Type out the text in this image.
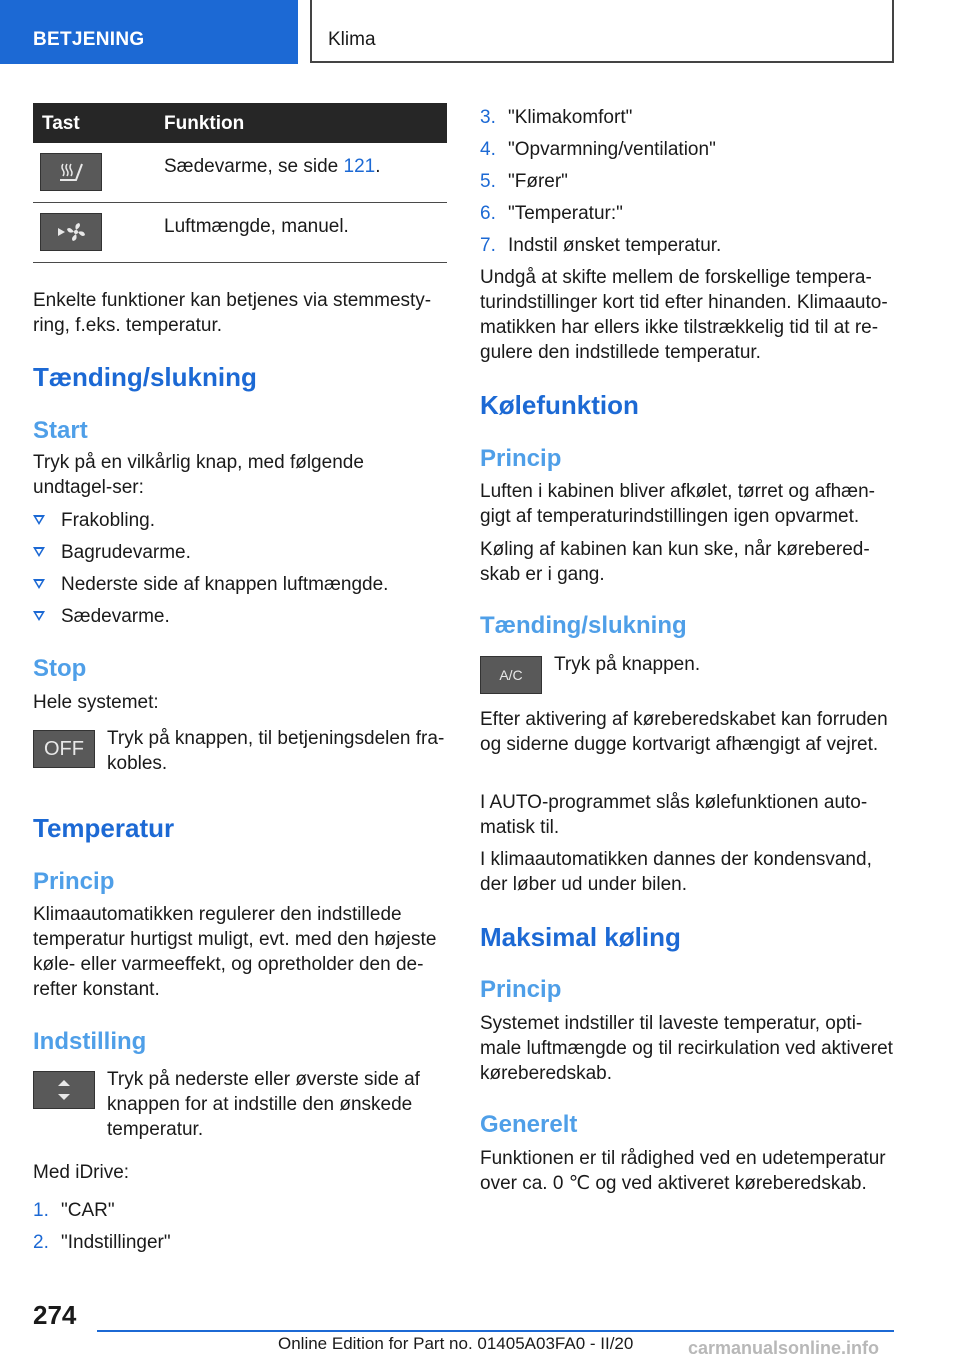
BETJENING	Klima
Tast	Funktion

Sædevarme, se side 121.

Luftmængde, manuel.

Enkelte funktioner kan betjenes via stemmesty-ring, f.eks. temperatur.

Tænding/slukning
Start

Tryk på en vilkårlig knap, med følgende undtagel-ser:

Frakobling.
Bagrudevarme.
Nederste side af knappen luftmængde.
Sædevarme.
Stop

Hele systemet:

OFF	Tryk på knappen, til betjeningsdelen fra-kobles.

Temperatur
Princip

Klimaautomatikken regulerer den indstillede temperatur hurtigst muligt, evt. med den højeste køle- eller varmeeffekt, og opretholder den de-refter konstant.

Indstilling

Tryk på nederste eller øverste side af knappen for at indstille den ønskede temperatur.

Med iDrive:

1. "CAR"
2. "Indstillinger"
3. "Klimakomfort"
4. "Opvarmning/ventilation"
5. "Fører"
6. "Temperatur:"
7. Indstil ønsket temperatur.

Undgå at skifte mellem de forskellige tempera-turindstillinger kort tid efter hinanden. Klimaauto-matikken har ellers ikke tilstrækkelig tid til at re-gulere den indstillede temperatur.

Kølefunktion
Princip

Luften i kabinen bliver afkølet, tørret og afhæn-gigt af temperaturindstillingen igen opvarmet.

Køling af kabinen kan kun ske, når kørebered-skab er i gang.

Tænding/slukning
A/C	Tryk på knappen.

Efter aktivering af køreberedskabet kan forruden og siderne dugge kortvarigt afhængigt af vejret.

I AUTO-programmet slås kølefunktionen auto-matisk til.

I klimaautomatikken dannes der kondensvand, der løber ud under bilen.

Maksimal køling
Princip

Systemet indstiller til laveste temperatur, opti-male luftmængde og til recirkulation ved aktiveret køreberedskab.

Generelt

Funktionen er til rådighed ved en udetemperatur over ca. 0 ℃ og ved aktiveret køreberedskab.

274
Online Edition for Part no. 01405A03FA0 - II/20	carmanualsonline.info
